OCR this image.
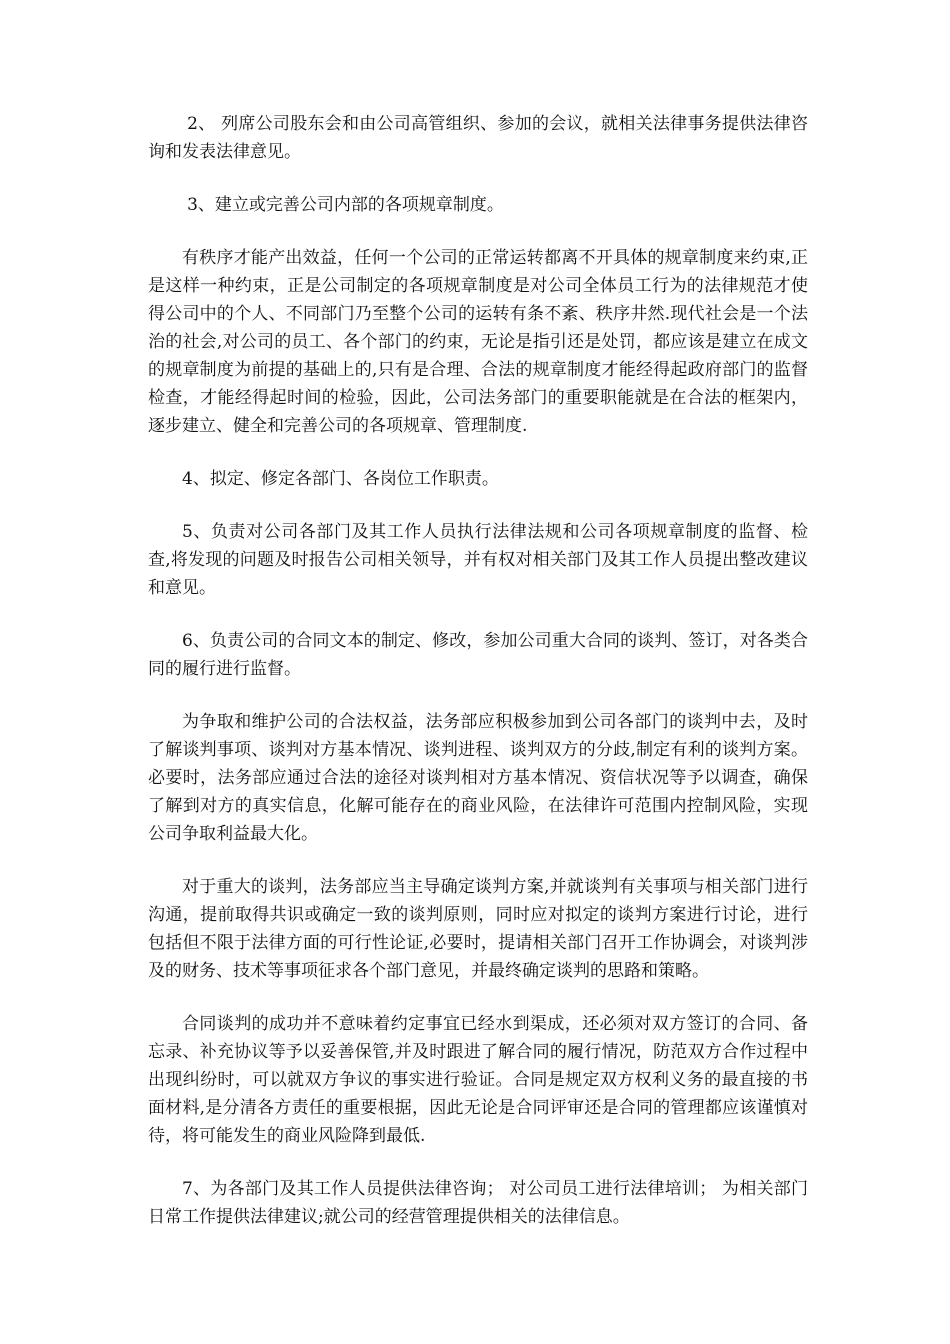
2、 列席公司股东会和由公司高管组织、参加的会议，就相关法律事务提供法律咨询和发表法律意见。

3、建立或完善公司内部的各项规章制度。

有秩序才能产出效益，任何一个公司的正常运转都离不开具体的规章制度来约束,正是这样一种约束，正是公司制定的各项规章制度是对公司全体员工行为的法律规范才使得公司中的个人、不同部门乃至整个公司的运转有条不紊、秩序井然.现代社会是一个法治的社会,对公司的员工、各个部门的约束，无论是指引还是处罚，都应该是建立在成文的规章制度为前提的基础上的,只有是合理、合法的规章制度才能经得起政府部门的监督检查，才能经得起时间的检验，因此，公司法务部门的重要职能就是在合法的框架内，逐步建立、健全和完善公司的各项规章、管理制度.

4、拟定、修定各部门、各岗位工作职责。

5、负责对公司各部门及其工作人员执行法律法规和公司各项规章制度的监督、检查,将发现的问题及时报告公司相关领导，并有权对相关部门及其工作人员提出整改建议和意见。

6、负责公司的合同文本的制定、修改，参加公司重大合同的谈判、签订，对各类合同的履行进行监督。

为争取和维护公司的合法权益，法务部应积极参加到公司各部门的谈判中去，及时了解谈判事项、谈判对方基本情况、谈判进程、谈判双方的分歧,制定有利的谈判方案。必要时，法务部应通过合法的途径对谈判相对方基本情况、资信状况等予以调查，确保了解到对方的真实信息，化解可能存在的商业风险，在法律许可范围内控制风险，实现公司争取利益最大化。

对于重大的谈判，法务部应当主导确定谈判方案,并就谈判有关事项与相关部门进行沟通，提前取得共识或确定一致的谈判原则，同时应对拟定的谈判方案进行讨论，进行包括但不限于法律方面的可行性论证,必要时，提请相关部门召开工作协调会，对谈判涉及的财务、技术等事项征求各个部门意见，并最终确定谈判的思路和策略。

合同谈判的成功并不意味着约定事宜已经水到渠成，还必须对双方签订的合同、备忘录、补充协议等予以妥善保管,并及时跟进了解合同的履行情况，防范双方合作过程中出现纠纷时，可以就双方争议的事实进行验证。合同是规定双方权利义务的最直接的书面材料,是分清各方责任的重要根据，因此无论是合同评审还是合同的管理都应该谨慎对待，将可能发生的商业风险降到最低.

7、为各部门及其工作人员提供法律咨询； 对公司员工进行法律培训； 为相关部门日常工作提供法律建议;就公司的经营管理提供相关的法律信息。
